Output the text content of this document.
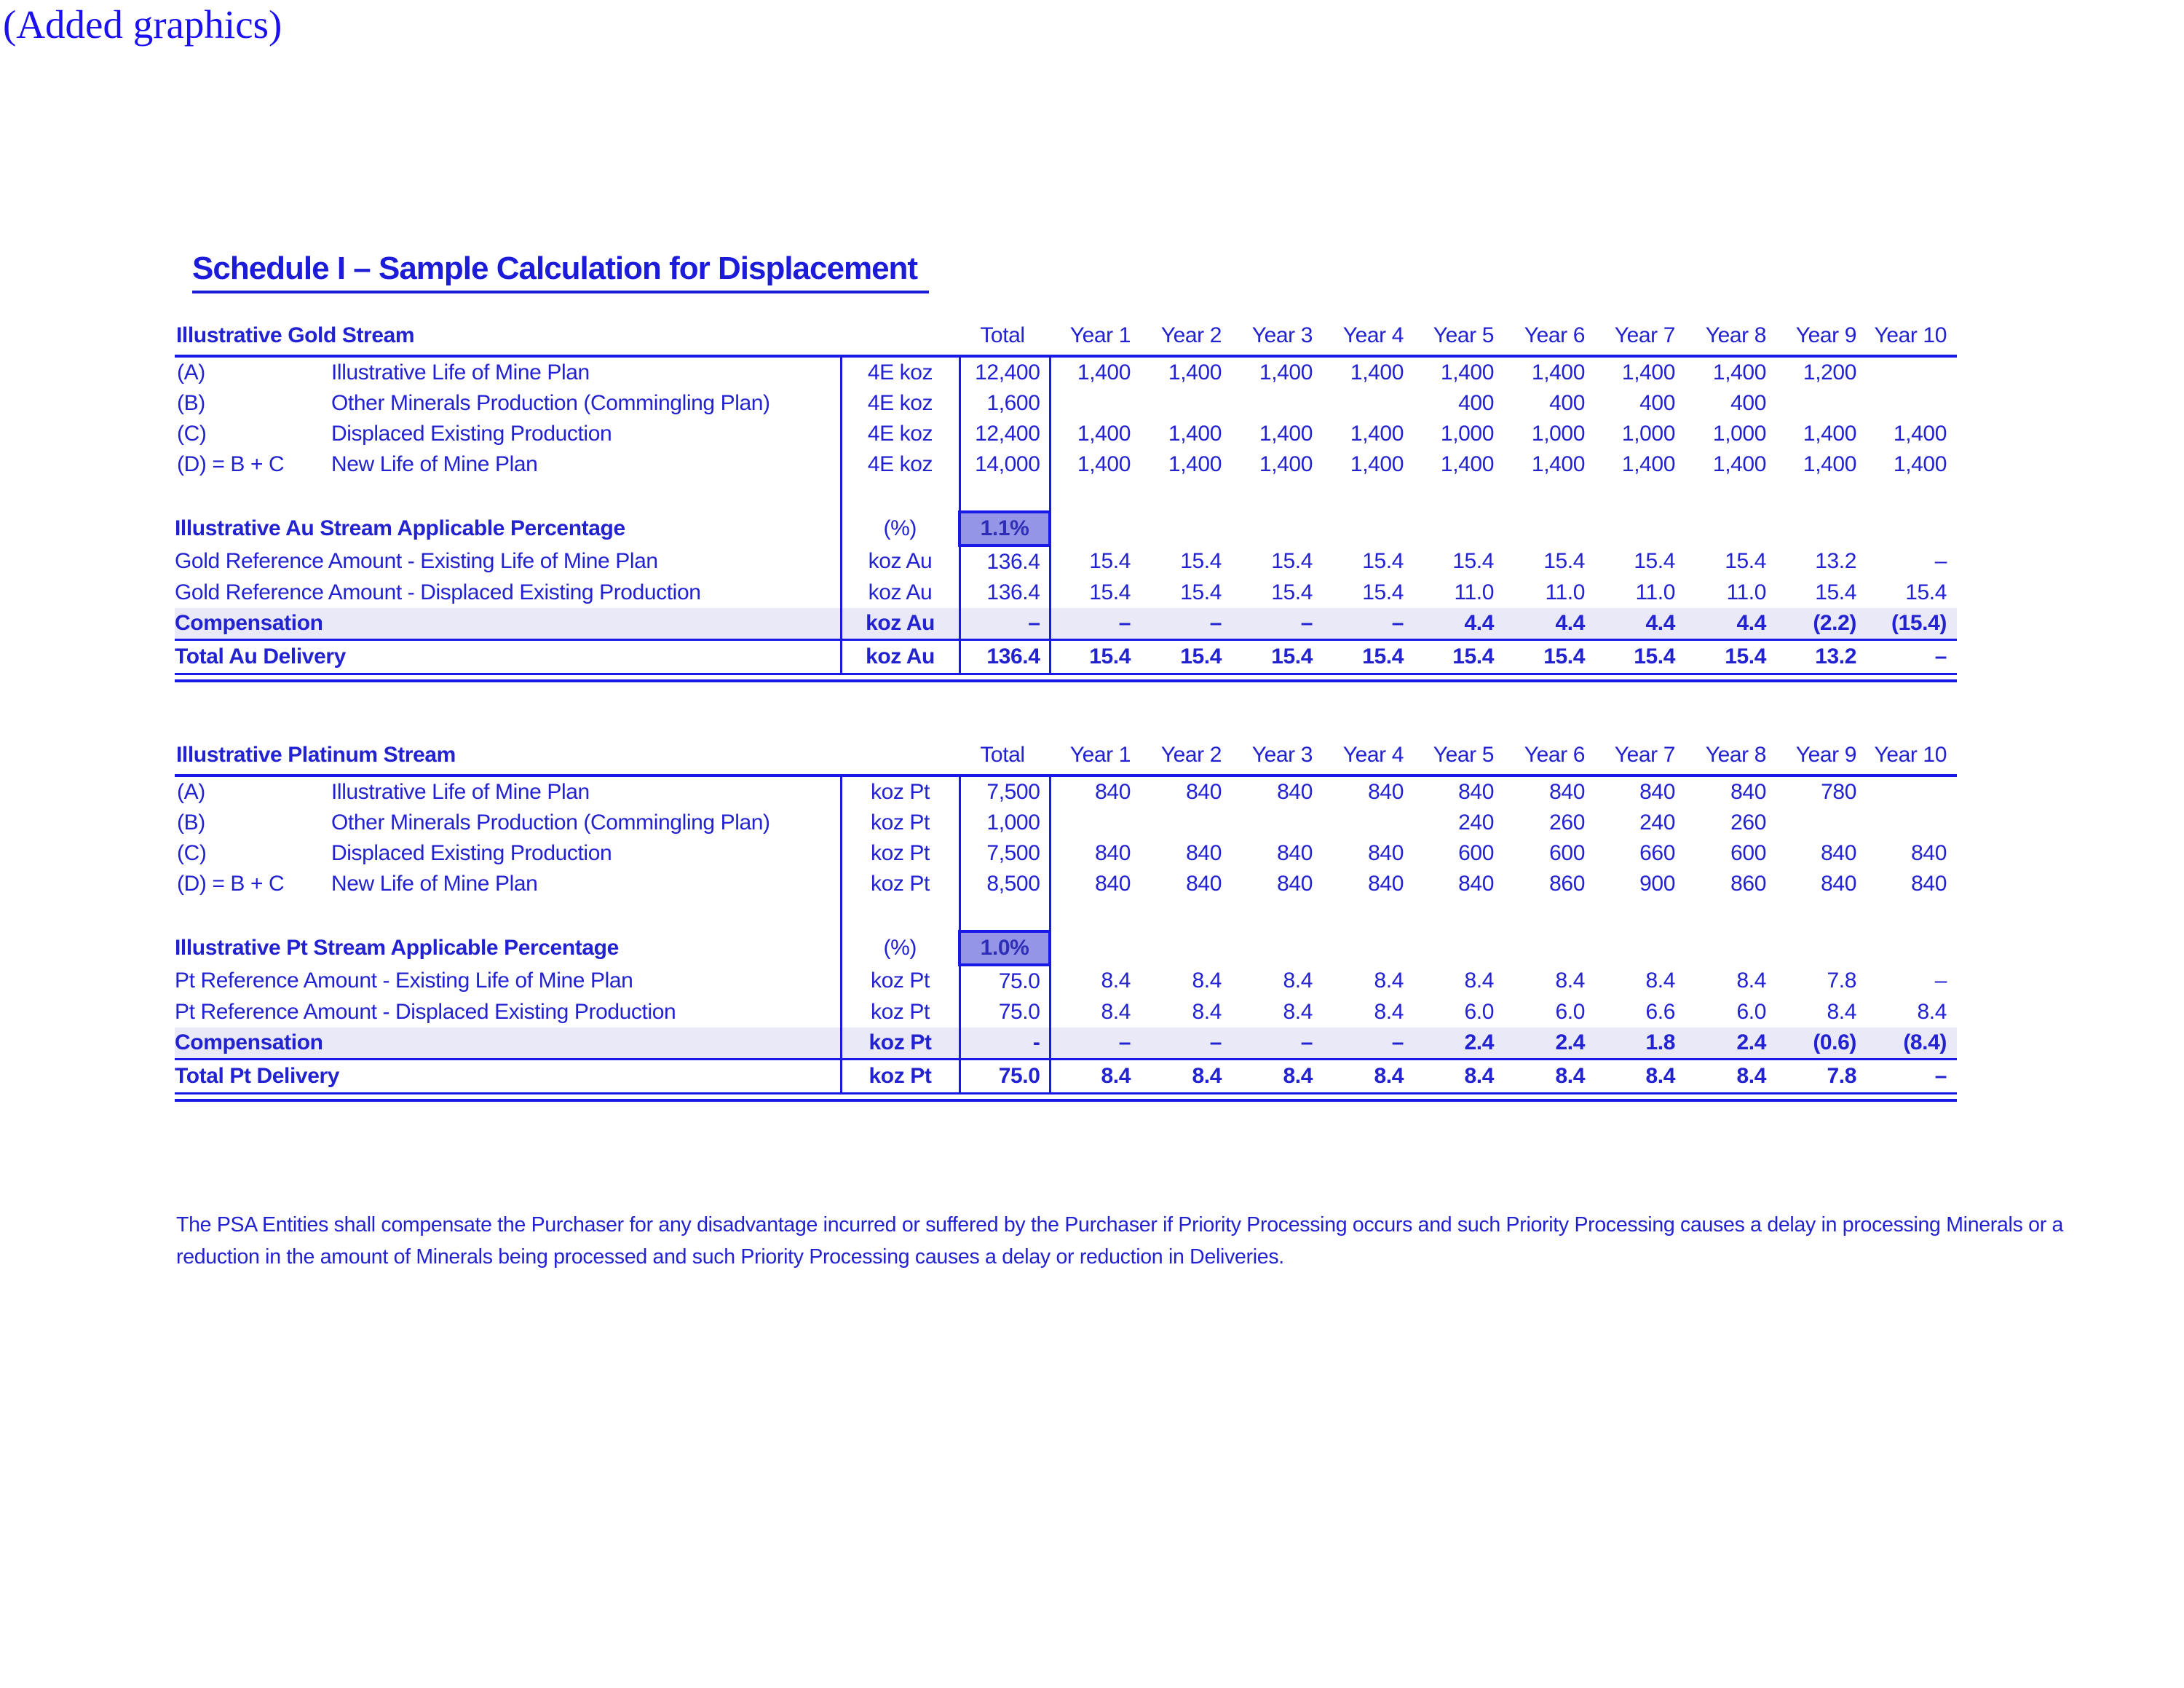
(Added graphics)
Schedule I – Sample Calculation for Displacement
Illustrative Gold Stream			Total	Year 1	Year 2	Year 3	Year 4	Year 5	Year 6	Year 7	Year 8	Year 9	Year 10
(A)	Illustrative Life of Mine Plan	4E koz	12,400	1,400	1,400	1,400	1,400	1,400	1,400	1,400	1,400	1,200	
(B)	Other Minerals Production (Commingling Plan)	4E koz	1,600					400	400	400	400		
(C)	Displaced Existing Production	4E koz	12,400	1,400	1,400	1,400	1,400	1,000	1,000	1,000	1,000	1,400	1,400
(D) = B + C	New Life of Mine Plan	4E koz	14,000	1,400	1,400	1,400	1,400	1,400	1,400	1,400	1,400	1,400	1,400

Illustrative Au Stream Applicable Percentage		(%)	1.1%										
Gold Reference Amount - Existing Life of Mine Plan		koz Au	136.4	15.4	15.4	15.4	15.4	15.4	15.4	15.4	15.4	13.2	–
Gold Reference Amount - Displaced Existing Production		koz Au	136.4	15.4	15.4	15.4	15.4	11.0	11.0	11.0	11.0	15.4	15.4
Compensation		koz Au	–	–	–	–	–	4.4	4.4	4.4	4.4	(2.2)	(15.4)
Total Au Delivery		koz Au	136.4	15.4	15.4	15.4	15.4	15.4	15.4	15.4	15.4	13.2	–
Illustrative Platinum Stream			Total	Year 1	Year 2	Year 3	Year 4	Year 5	Year 6	Year 7	Year 8	Year 9	Year 10
(A)	Illustrative Life of Mine Plan	koz Pt	7,500	840	840	840	840	840	840	840	840	780	
(B)	Other Minerals Production (Commingling Plan)	koz Pt	1,000					240	260	240	260		
(C)	Displaced Existing Production	koz Pt	7,500	840	840	840	840	600	600	660	600	840	840
(D) = B + C	New Life of Mine Plan	koz Pt	8,500	840	840	840	840	840	860	900	860	840	840

Illustrative Pt Stream Applicable Percentage		(%)	1.0%										
Pt Reference Amount - Existing Life of Mine Plan		koz Pt	75.0	8.4	8.4	8.4	8.4	8.4	8.4	8.4	8.4	7.8	–
Pt Reference Amount - Displaced Existing Production		koz Pt	75.0	8.4	8.4	8.4	8.4	6.0	6.0	6.6	6.0	8.4	8.4
Compensation		koz Pt	-	–	–	–	–	2.4	2.4	1.8	2.4	(0.6)	(8.4)
Total Pt Delivery		koz Pt	75.0	8.4	8.4	8.4	8.4	8.4	8.4	8.4	8.4	7.8	–
The PSA Entities shall compensate the Purchaser for any disadvantage incurred or suffered by the Purchaser if Priority Processing occurs and such Priority Processing causes a delay in processing Minerals or a
reduction in the amount of Minerals being processed and such Priority Processing causes a delay or reduction in Deliveries.
